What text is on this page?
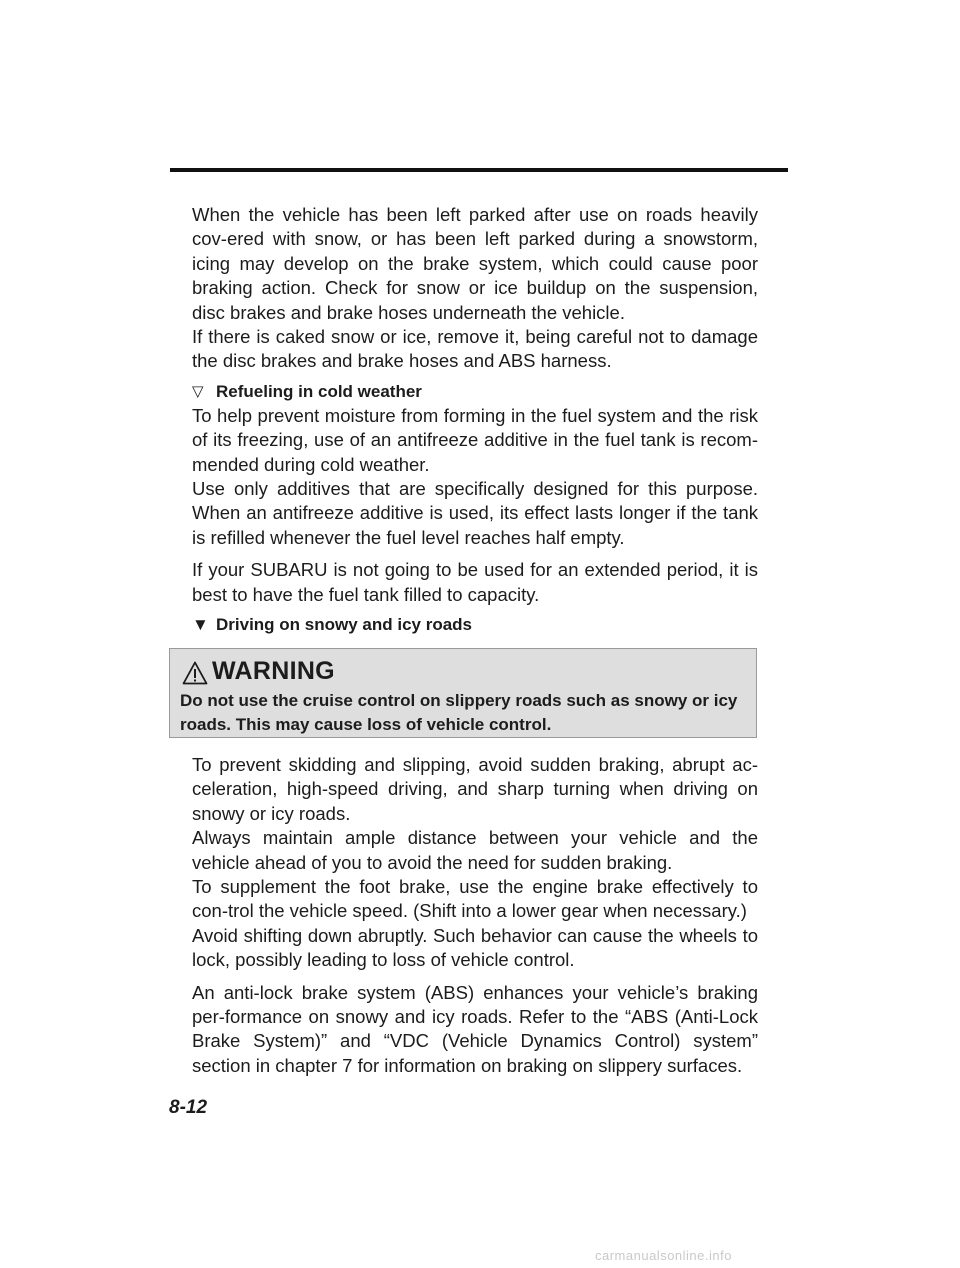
When the vehicle has been left parked after use on roads heavily cov-ered with snow, or has been left parked during a snowstorm, icing may develop on the brake system, which could cause poor braking action. Check for snow or ice buildup on the suspension, disc brakes and brake hoses underneath the vehicle.

If there is caked snow or ice, remove it, being careful not to damage the disc brakes and brake hoses and ABS harness.

▽ Refueling in cold weather

To help prevent moisture from forming in the fuel system and the risk of its freezing, use of an antifreeze additive in the fuel tank is recom-mended during cold weather.

Use only additives that are specifically designed for this purpose. When an antifreeze additive is used, its effect lasts longer if the tank is refilled whenever the fuel level reaches half empty.

If your SUBARU is not going to be used for an extended period, it is best to have the fuel tank filled to capacity.

▼ Driving on snowy and icy roads
WARNING

Do not use the cruise control on slippery roads such as snowy or icy roads. This may cause loss of vehicle control.

To prevent skidding and slipping, avoid sudden braking, abrupt ac-celeration, high-speed driving, and sharp turning when driving on snowy or icy roads.

Always maintain ample distance between your vehicle and the vehicle ahead of you to avoid the need for sudden braking.

To supplement the foot brake, use the engine brake effectively to con-trol the vehicle speed. (Shift into a lower gear when necessary.)

Avoid shifting down abruptly. Such behavior can cause the wheels to lock, possibly leading to loss of vehicle control.

An anti-lock brake system (ABS) enhances your vehicle’s braking per-formance on snowy and icy roads. Refer to the “ABS (Anti-Lock Brake System)” and “VDC (Vehicle Dynamics Control) system” section in chapter 7 for information on braking on slippery surfaces.

8-12
carmanualsonline.info
